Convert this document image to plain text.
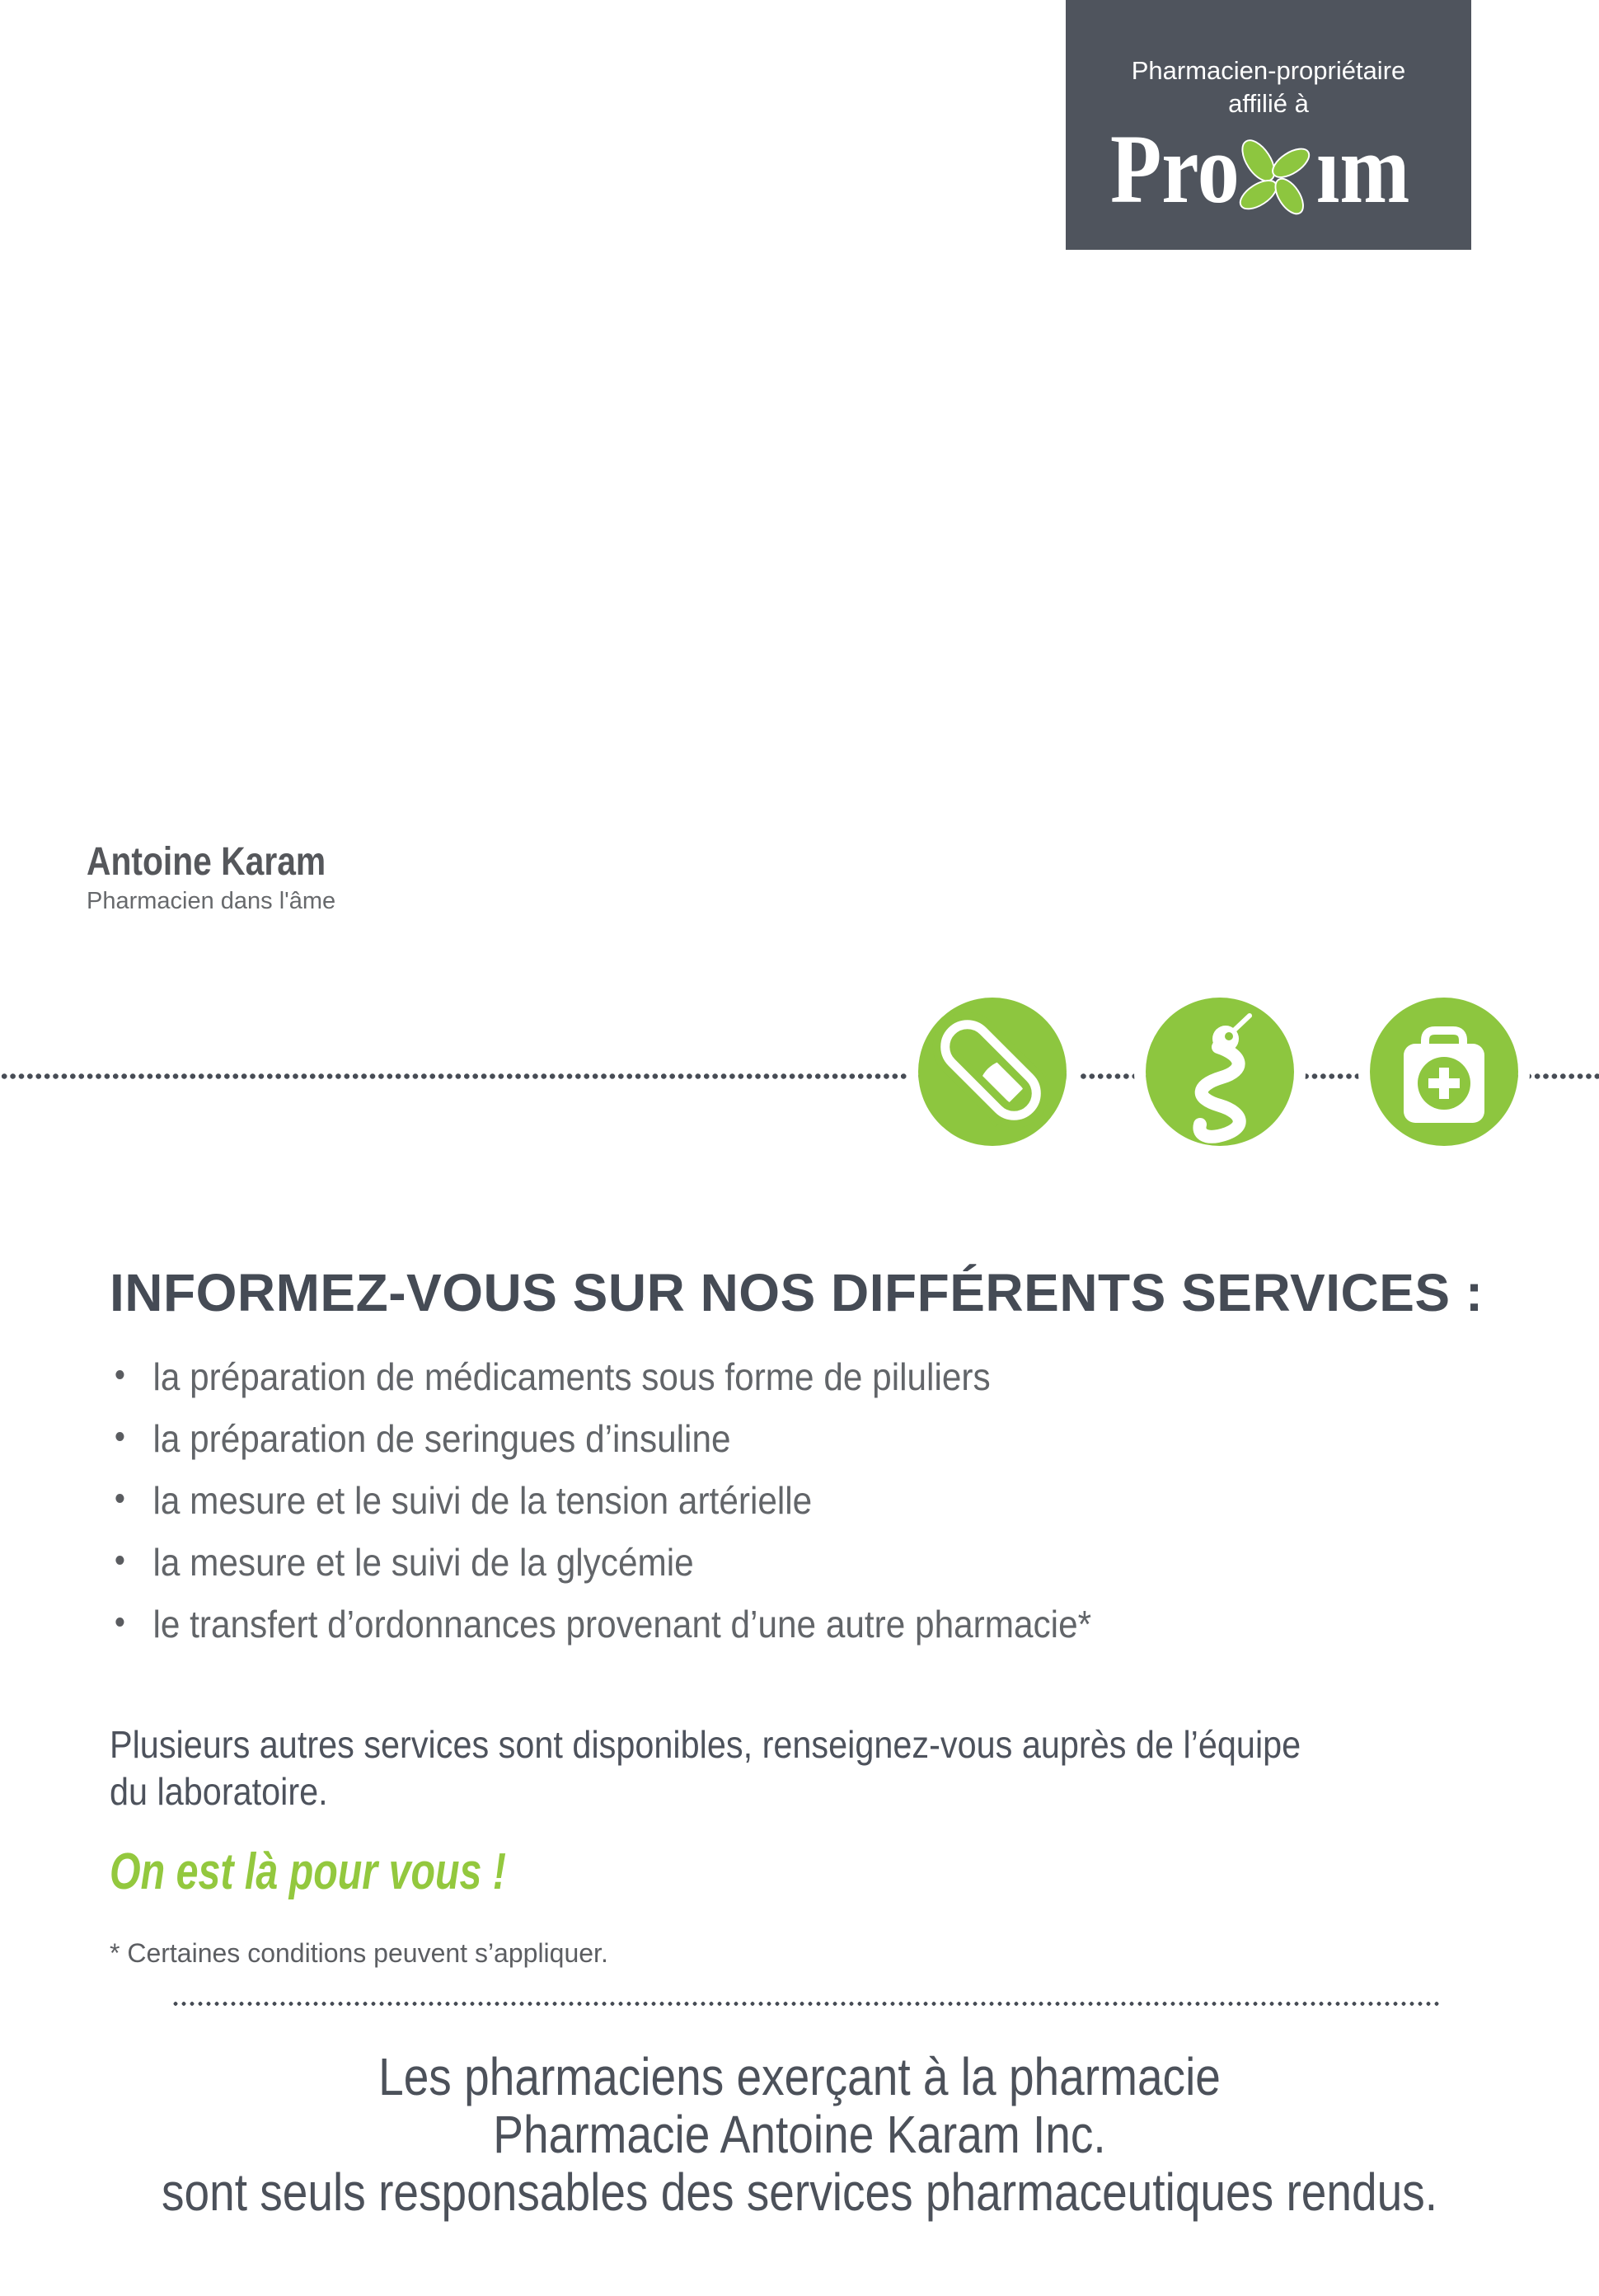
Pharmacien-propriétaire
affilié à
Pro ım
Antoine Karam
Pharmacien dans l'âme
INFORMEZ-VOUS SUR NOS DIFFÉRENTS SERVICES :
la préparation de médicaments sous forme de piluliers
la préparation de seringues d’insuline
la mesure et le suivi de la tension artérielle
la mesure et le suivi de la glycémie
le transfert d’ordonnances provenant d’une autre pharmacie*
Plusieurs autres services sont disponibles, renseignez-vous auprès de l’équipe
du laboratoire.
On est là pour vous !
* Certaines conditions peuvent s’appliquer.
Les pharmaciens exerçant à la pharmacie
Pharmacie Antoine Karam Inc.
sont seuls responsables des services pharmaceutiques rendus.
